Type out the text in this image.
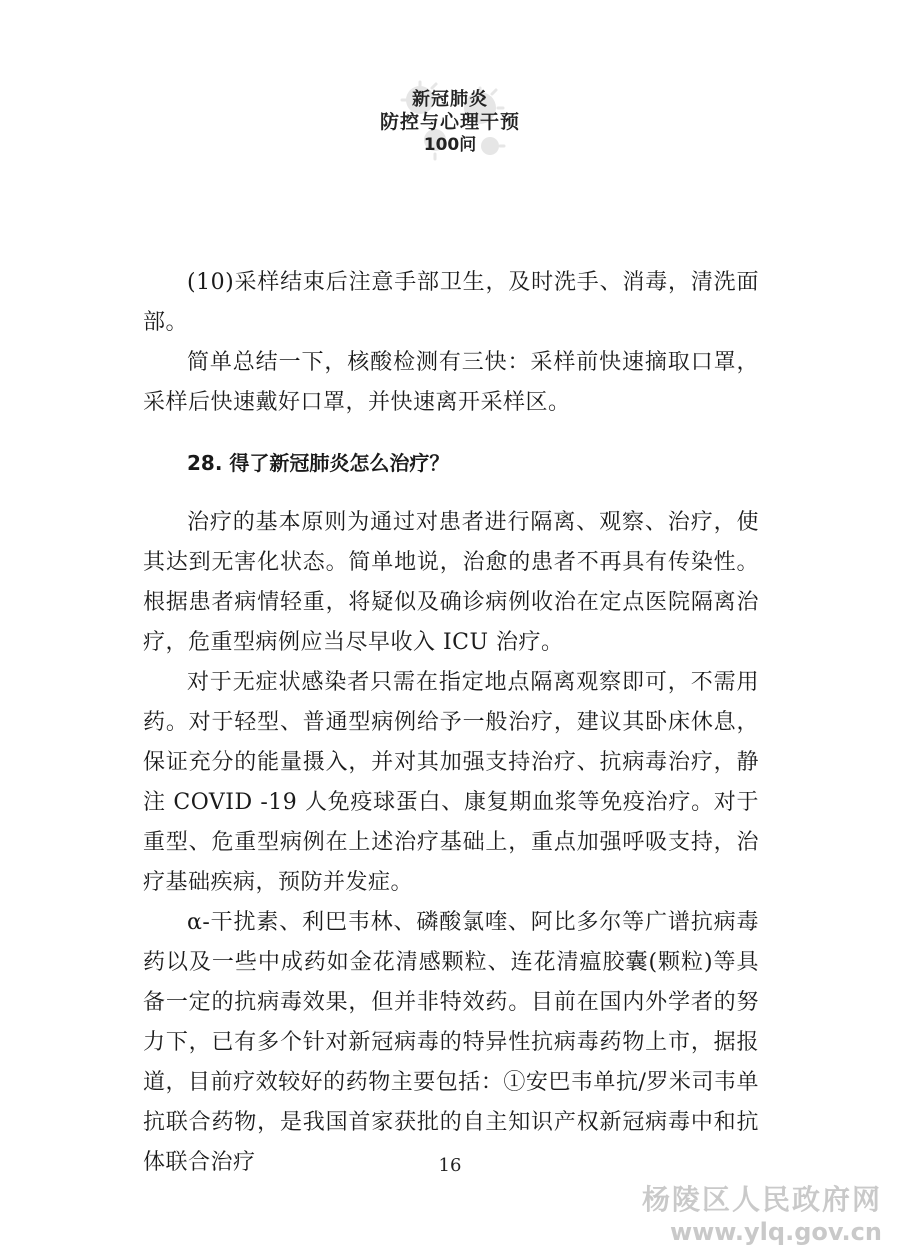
新冠肺炎
防控与心理干预
100问

(10)采样结束后注意手部卫生，及时洗手、消毒，清洗面部。

简单总结一下，核酸检测有三快：采样前快速摘取口罩，采样后快速戴好口罩，并快速离开采样区。

28. 得了新冠肺炎怎么治疗？

治疗的基本原则为通过对患者进行隔离、观察、治疗，使其达到无害化状态。简单地说，治愈的患者不再具有传染性。根据患者病情轻重，将疑似及确诊病例收治在定点医院隔离治疗，危重型病例应当尽早收入 ICU 治疗。

对于无症状感染者只需在指定地点隔离观察即可，不需用药。对于轻型、普通型病例给予一般治疗，建议其卧床休息，保证充分的能量摄入，并对其加强支持治疗、抗病毒治疗，静注 COVID -19 人免疫球蛋白、康复期血浆等免疫治疗。对于重型、危重型病例在上述治疗基础上，重点加强呼吸支持，治疗基础疾病，预防并发症。

α-干扰素、利巴韦林、磷酸氯喹、阿比多尔等广谱抗病毒药以及一些中成药如金花清感颗粒、连花清瘟胶囊(颗粒)等具备一定的抗病毒效果，但并非特效药。目前在国内外学者的努力下，已有多个针对新冠病毒的特异性抗病毒药物上市，据报道，目前疗效较好的药物主要包括：①安巴韦单抗/罗米司韦单抗联合药物，是我国首家获批的自主知识产权新冠病毒中和抗体联合治疗	16
杨陵区人民政府网
www.ylq.gov.cn
